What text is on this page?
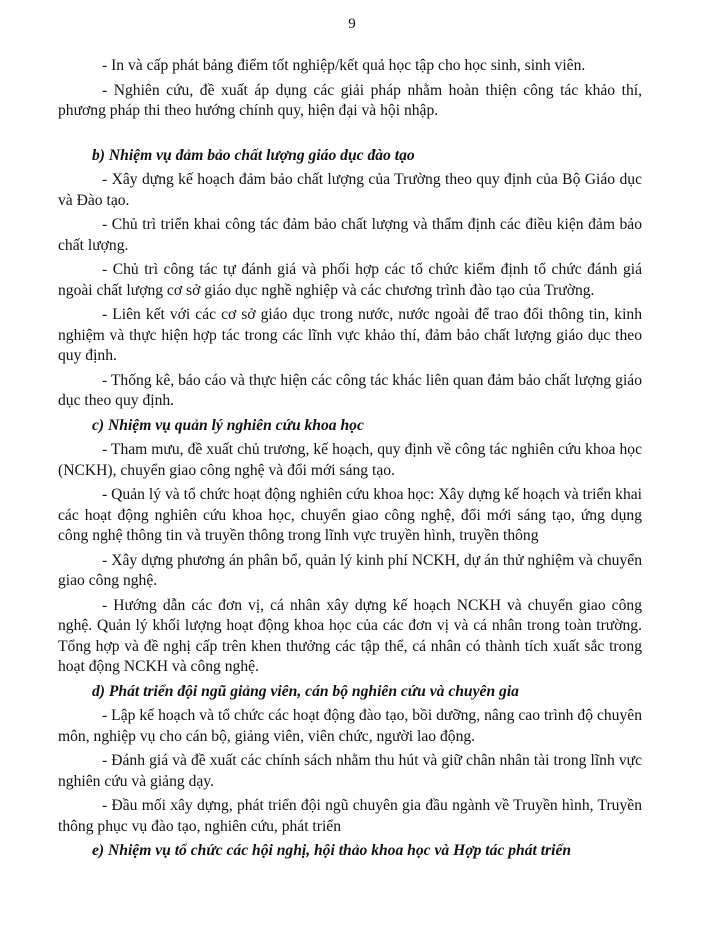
9

- In và cấp phát bảng điểm tốt nghiệp/kết quả học tập cho học sinh, sinh viên.

- Nghiên cứu, đề xuất áp dụng các giải pháp nhằm hoàn thiện công tác khảo thí, phương pháp thi theo hướng chính quy, hiện đại và hội nhập.

b) Nhiệm vụ đảm bảo chất lượng giáo dục đào tạo

- Xây dựng kế hoạch đảm bảo chất lượng của Trường theo quy định của Bộ Giáo dục và Đào tạo.

- Chủ trì triển khai công tác đảm bảo chất lượng và thẩm định các điều kiện đảm bảo chất lượng.

- Chủ trì công tác tự đánh giá và phối hợp các tổ chức kiểm định tổ chức đánh giá ngoài chất lượng cơ sở giáo dục nghề nghiệp và các chương trình đào tạo của Trường.

- Liên kết với các cơ sở giáo dục trong nước, nước ngoài để trao đổi thông tin, kinh nghiệm và thực hiện hợp tác trong các lĩnh vực khảo thí, đảm bảo chất lượng giáo dục theo quy định.

- Thống kê, báo cáo và thực hiện các công tác khác liên quan đảm bảo chất lượng giáo dục theo quy định.

c) Nhiệm vụ quản lý nghiên cứu khoa học

- Tham mưu, đề xuất chủ trương, kế hoạch, quy định về công tác nghiên cứu khoa học (NCKH), chuyển giao công nghệ và đổi mới sáng tạo.

- Quản lý và tổ chức hoạt động nghiên cứu khoa học: Xây dựng kế hoạch và triển khai các hoạt động nghiên cứu khoa học, chuyển giao công nghệ, đổi mới sáng tạo, ứng dụng công nghệ thông tin và truyền thông trong lĩnh vực truyền hình, truyền thông

- Xây dựng phương án phân bổ, quản lý kinh phí NCKH, dự án thử nghiệm và chuyển giao công nghệ.

- Hướng dẫn các đơn vị, cá nhân xây dựng kế hoạch NCKH và chuyển giao công nghệ. Quản lý khối lượng hoạt động khoa học của các đơn vị và cá nhân trong toàn trường. Tổng hợp và đề nghị cấp trên khen thưởng các tập thể, cá nhân có thành tích xuất sắc trong hoạt động NCKH và công nghệ.

d) Phát triển đội ngũ giảng viên, cán bộ nghiên cứu và chuyên gia

- Lập kế hoạch và tổ chức các hoạt động đào tạo, bồi dưỡng, nâng cao trình độ chuyên môn, nghiệp vụ cho cán bộ, giảng viên, viên chức, người lao động.

- Đánh giá và đề xuất các chính sách nhằm thu hút và giữ chân nhân tài trong lĩnh vực nghiên cứu và giảng dạy.

- Đầu mối xây dựng, phát triển đội ngũ chuyên gia đầu ngành về Truyền hình, Truyền thông phục vụ đào tạo, nghiên cứu, phát triển

e) Nhiệm vụ tổ chức các hội nghị, hội thảo khoa học và Hợp tác phát triển
